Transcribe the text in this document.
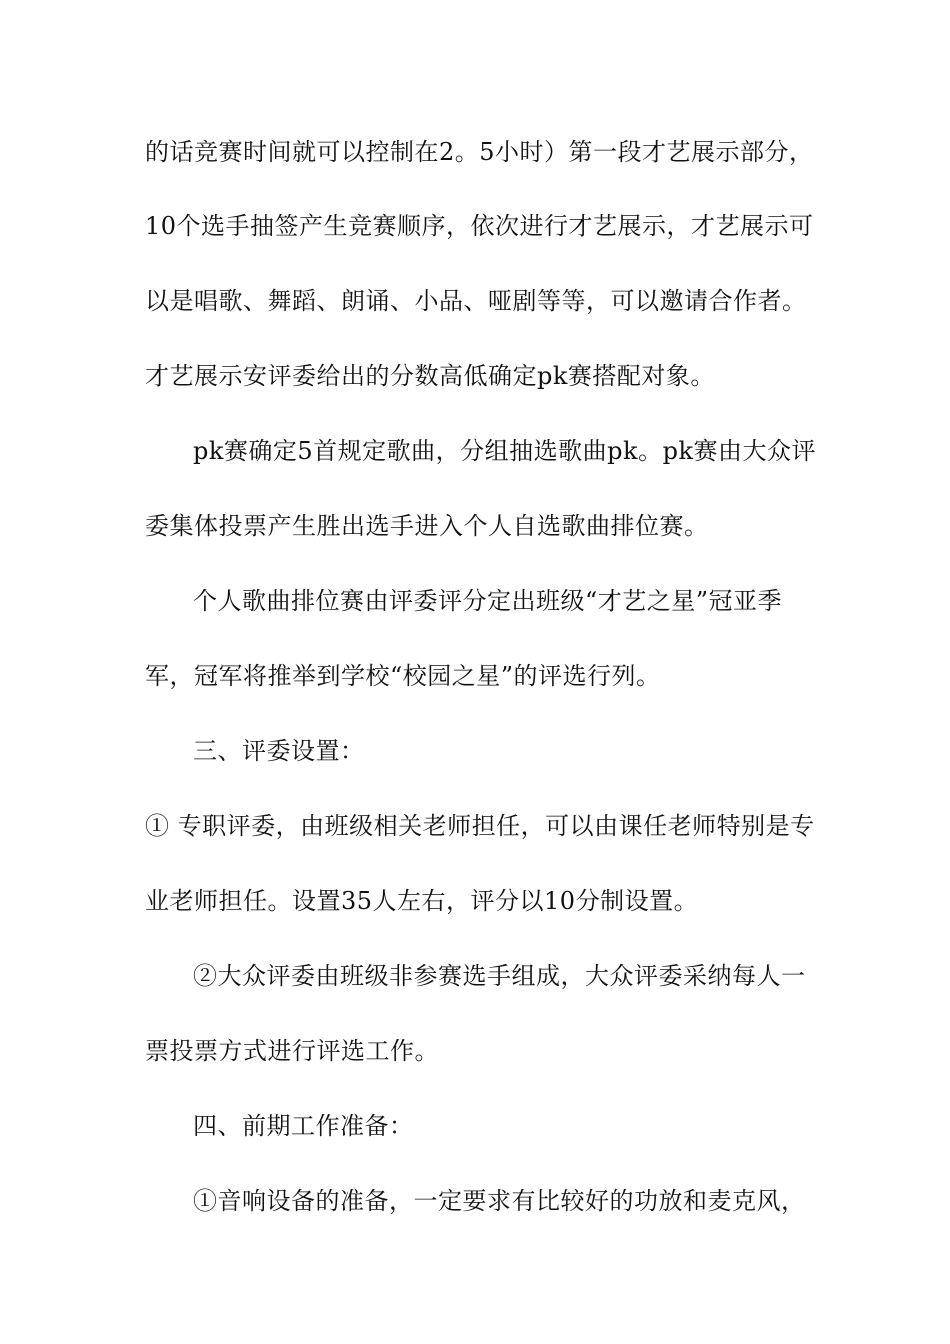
的话竞赛时间就可以控制在2。5小时）第一段才艺展示部分，
10个选手抽签产生竞赛顺序，依次进行才艺展示，才艺展示可
以是唱歌、舞蹈、朗诵、小品、哑剧等等，可以邀请合作者。
才艺展示安评委给出的分数高低确定pk赛搭配对象。
pk赛确定5首规定歌曲，分组抽选歌曲pk。pk赛由大众评
委集体投票产生胜出选手进入个人自选歌曲排位赛。
个人歌曲排位赛由评委评分定出班级“才艺之星”冠亚季
军，冠军将推举到学校“校园之星”的评选行列。
三、评委设置：
① 专职评委，由班级相关老师担任，可以由课任老师特别是专
业老师担任。设置35人左右，评分以10分制设置。
②大众评委由班级非参赛选手组成，大众评委采纳每人一
票投票方式进行评选工作。
四、前期工作准备：
①音响设备的准备，一定要求有比较好的功放和麦克风，
